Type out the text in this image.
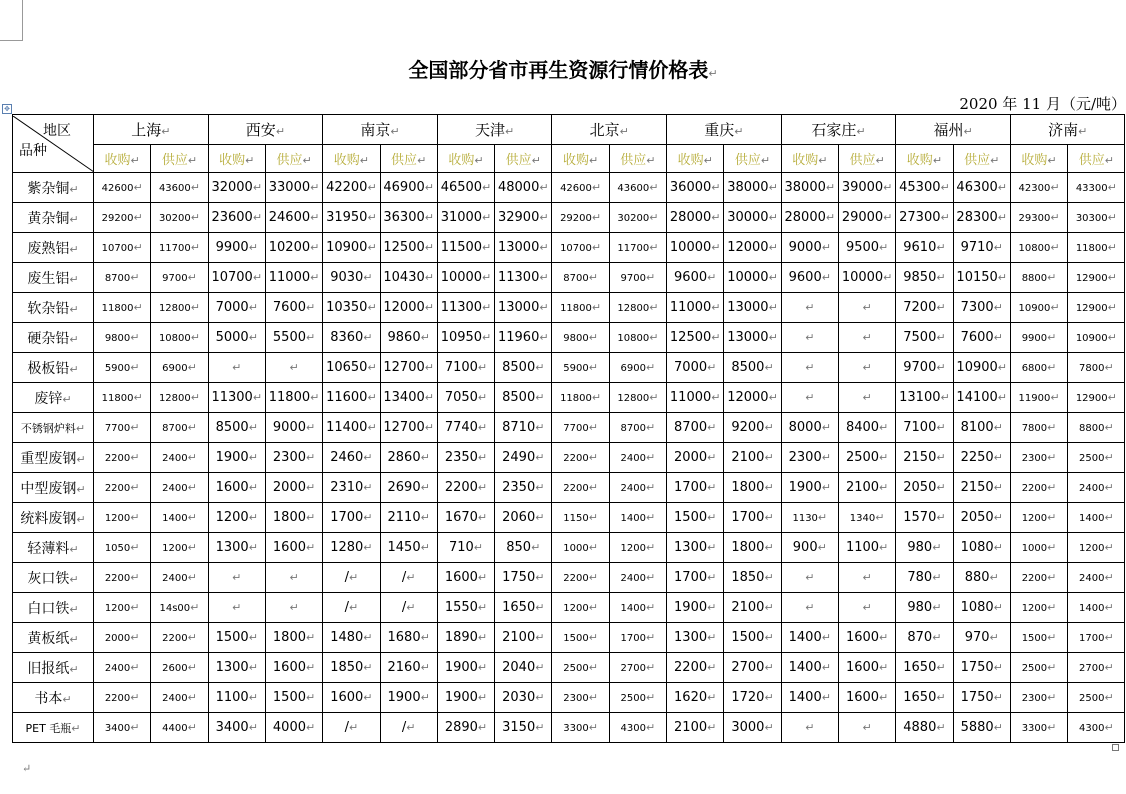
✥
全国部分省市再生资源行情价格表↵
2020 年 11 月（元/吨）
地区
品种	上海↵		西安↵		南京↵		天津↵		北京↵		重庆↵		石家庄↵		福州↵		济南↵	
	收购↵	供应↵	收购↵	供应↵	收购↵	供应↵	收购↵	供应↵	收购↵	供应↵	收购↵	供应↵	收购↵	供应↵	收购↵	供应↵	收购↵	供应↵
紫杂铜↵	42600↵	43600↵	32000↵	33000↵	42200↵	46900↵	46500↵	48000↵	42600↵	43600↵	36000↵	38000↵	38000↵	39000↵	45300↵	46300↵	42300↵	43300↵
黄杂铜↵	29200↵	30200↵	23600↵	24600↵	31950↵	36300↵	31000↵	32900↵	29200↵	30200↵	28000↵	30000↵	28000↵	29000↵	27300↵	28300↵	29300↵	30300↵
废熟铝↵	10700↵	11700↵	9900↵	10200↵	10900↵	12500↵	11500↵	13000↵	10700↵	11700↵	10000↵	12000↵	9000↵	9500↵	9610↵	9710↵	10800↵	11800↵
废生铝↵	8700↵	9700↵	10700↵	11000↵	9030↵	10430↵	10000↵	11300↵	8700↵	9700↵	9600↵	10000↵	9600↵	10000↵	9850↵	10150↵	8800↵	12900↵
软杂铅↵	11800↵	12800↵	7000↵	7600↵	10350↵	12000↵	11300↵	13000↵	11800↵	12800↵	11000↵	13000↵	↵	↵	7200↵	7300↵	10900↵	12900↵
硬杂铅↵	9800↵	10800↵	5000↵	5500↵	8360↵	9860↵	10950↵	11960↵	9800↵	10800↵	12500↵	13000↵	↵	↵	7500↵	7600↵	9900↵	10900↵
极板铅↵	5900↵	6900↵	↵	↵	10650↵	12700↵	7100↵	8500↵	5900↵	6900↵	7000↵	8500↵	↵	↵	9700↵	10900↵	6800↵	7800↵
废锌↵	11800↵	12800↵	11300↵	11800↵	11600↵	13400↵	7050↵	8500↵	11800↵	12800↵	11000↵	12000↵	↵	↵	13100↵	14100↵	11900↵	12900↵
不锈钢炉料↵	7700↵	8700↵	8500↵	9000↵	11400↵	12700↵	7740↵	8710↵	7700↵	8700↵	8700↵	9200↵	8000↵	8400↵	7100↵	8100↵	7800↵	8800↵
重型废钢↵	2200↵	2400↵	1900↵	2300↵	2460↵	2860↵	2350↵	2490↵	2200↵	2400↵	2000↵	2100↵	2300↵	2500↵	2150↵	2250↵	2300↵	2500↵
中型废钢↵	2200↵	2400↵	1600↵	2000↵	2310↵	2690↵	2200↵	2350↵	2200↵	2400↵	1700↵	1800↵	1900↵	2100↵	2050↵	2150↵	2200↵	2400↵
统料废钢↵	1200↵	1400↵	1200↵	1800↵	1700↵	2110↵	1670↵	2060↵	1150↵	1400↵	1500↵	1700↵	1130↵	1340↵	1570↵	2050↵	1200↵	1400↵
轻薄料↵	1050↵	1200↵	1300↵	1600↵	1280↵	1450↵	710↵	850↵	1000↵	1200↵	1300↵	1800↵	900↵	1100↵	980↵	1080↵	1000↵	1200↵
灰口铁↵	2200↵	2400↵	↵	↵	/↵	/↵	1600↵	1750↵	2200↵	2400↵	1700↵	1850↵	↵	↵	780↵	880↵	2200↵	2400↵
白口铁↵	1200↵	14s00↵	↵	↵	/↵	/↵	1550↵	1650↵	1200↵	1400↵	1900↵	2100↵	↵	↵	980↵	1080↵	1200↵	1400↵
黄板纸↵	2000↵	2200↵	1500↵	1800↵	1480↵	1680↵	1890↵	2100↵	1500↵	1700↵	1300↵	1500↵	1400↵	1600↵	870↵	970↵	1500↵	1700↵
旧报纸↵	2400↵	2600↵	1300↵	1600↵	1850↵	2160↵	1900↵	2040↵	2500↵	2700↵	2200↵	2700↵	1400↵	1600↵	1650↵	1750↵	2500↵	2700↵
书本↵	2200↵	2400↵	1100↵	1500↵	1600↵	1900↵	1900↵	2030↵	2300↵	2500↵	1620↵	1720↵	1400↵	1600↵	1650↵	1750↵	2300↵	2500↵
PET 毛瓶↵	3400↵	4400↵	3400↵	4000↵	/↵	/↵	2890↵	3150↵	3300↵	4300↵	2100↵	3000↵	↵	↵	4880↵	5880↵	3300↵	4300↵
↵
